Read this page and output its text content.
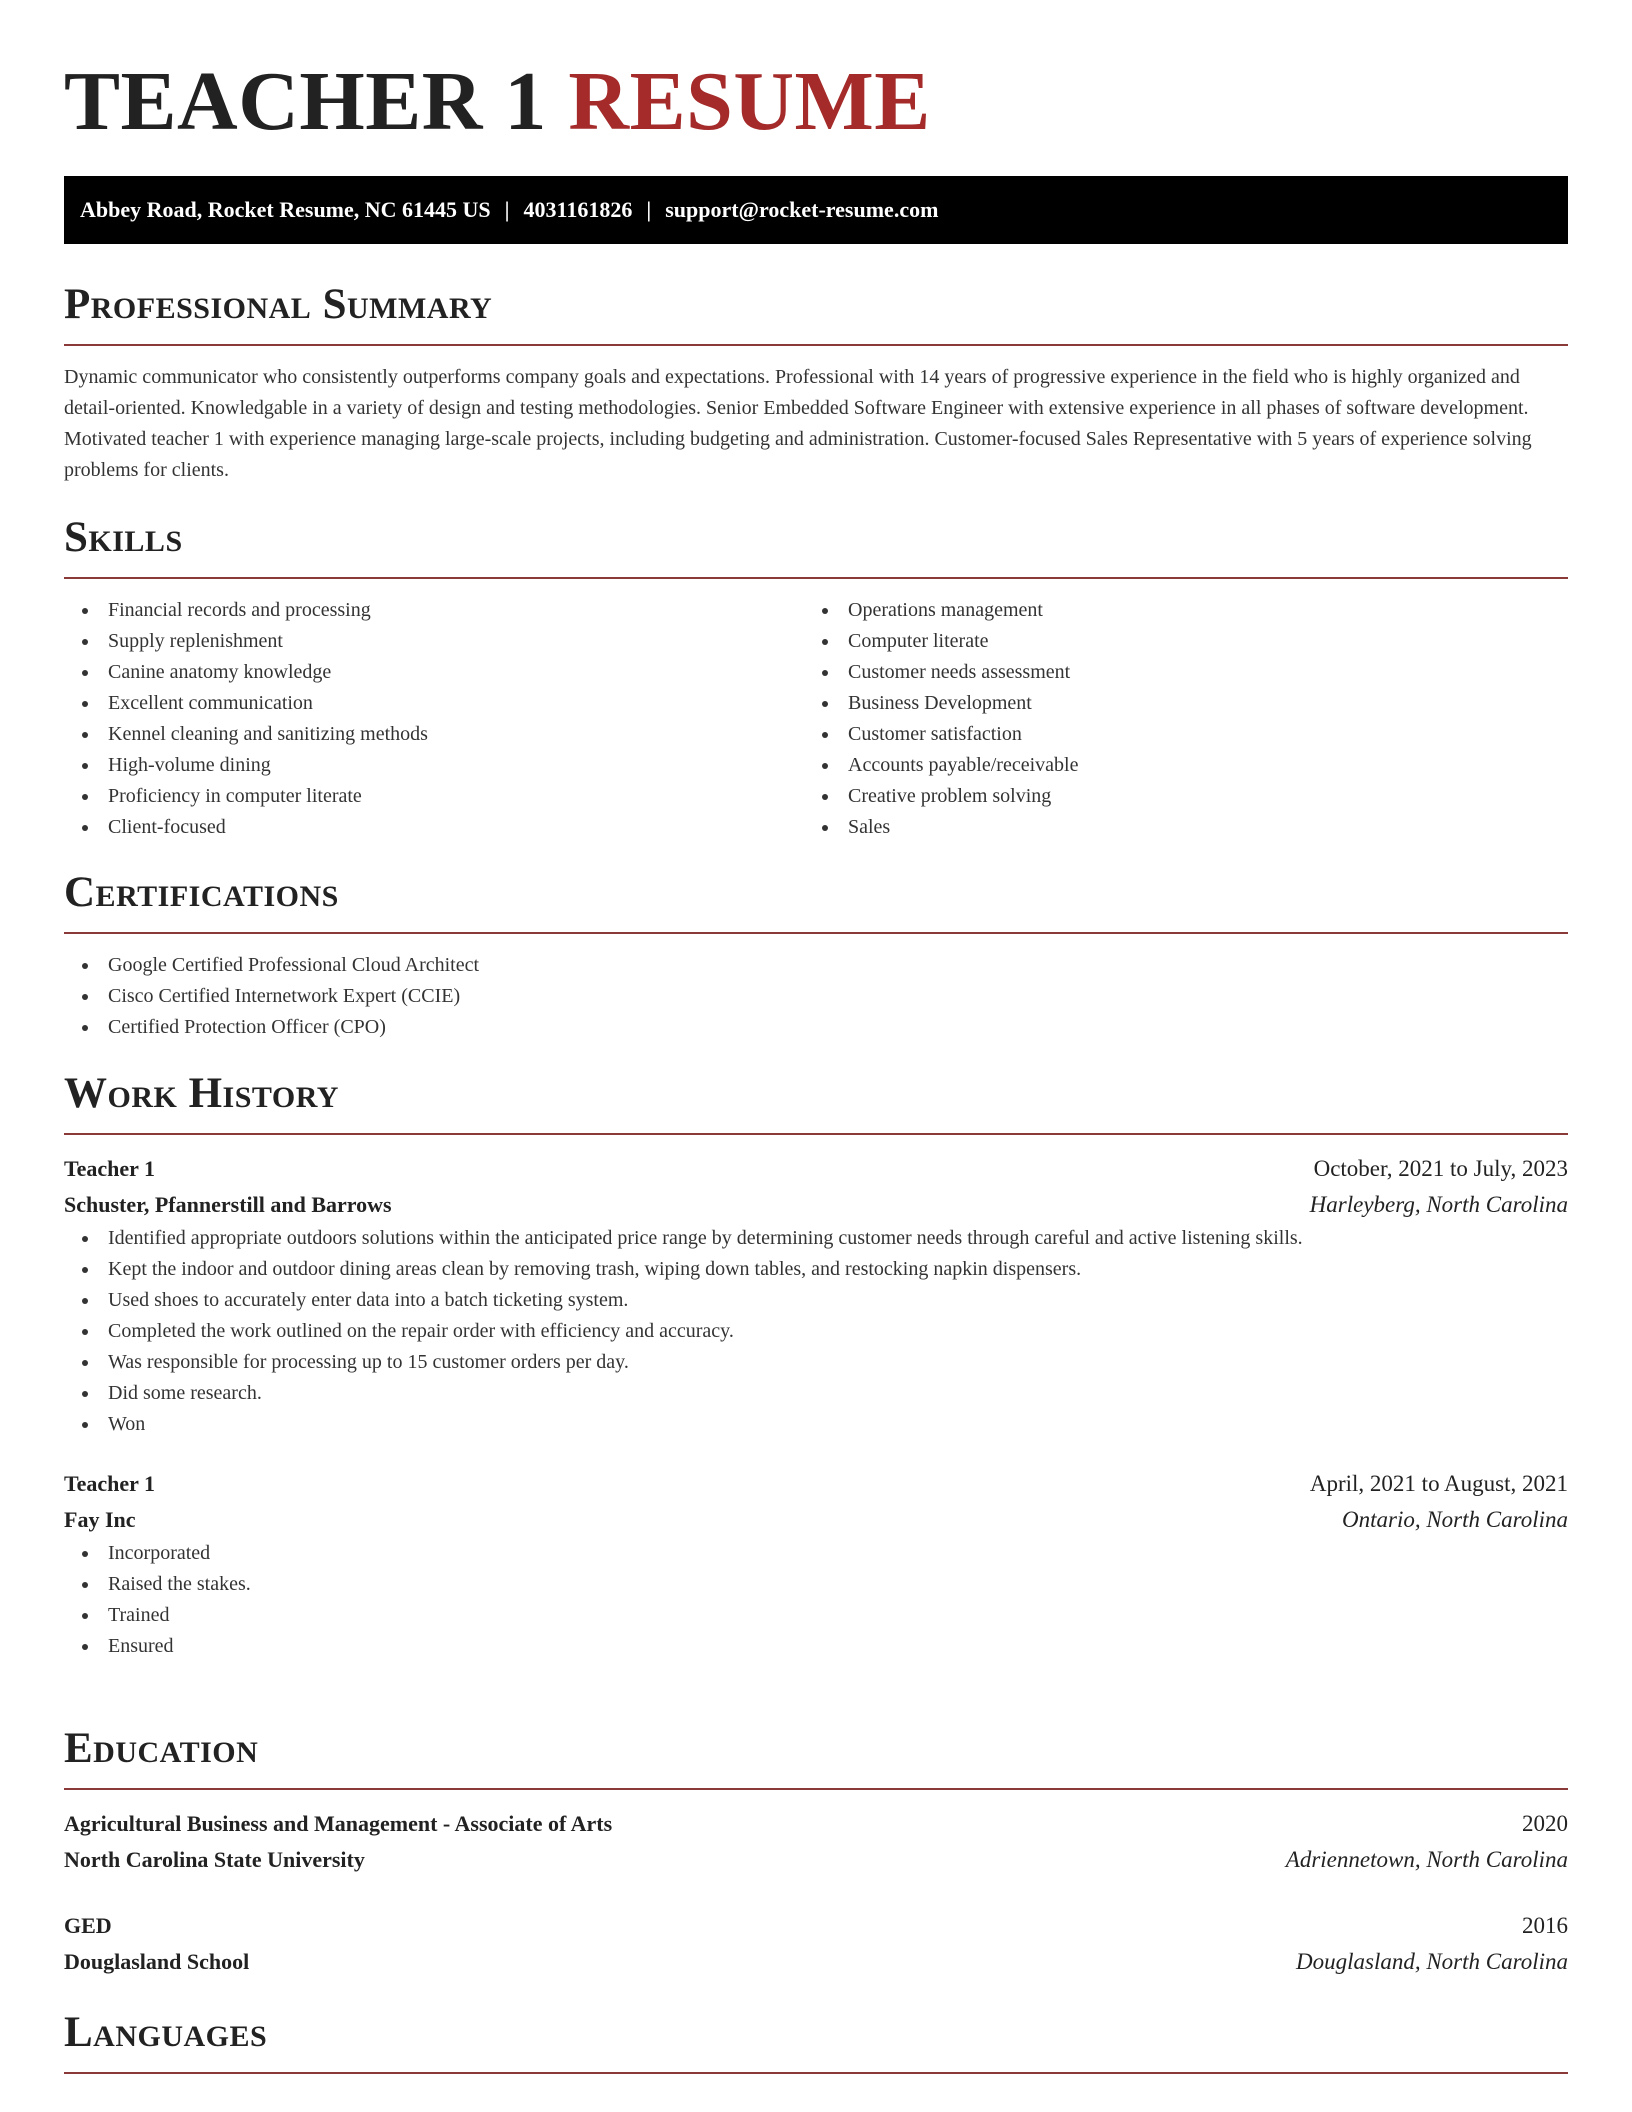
TEACHER 1 RESUME
Abbey Road, Rocket Resume, NC 61445 US | 4031161826 | support@rocket-resume.com
Professional Summary

Dynamic communicator who consistently outperforms company goals and expectations. Professional with 14 years of progressive experience in the field who is highly organized and detail-oriented. Knowledgable in a variety of design and testing methodologies. Senior Embedded Software Engineer with extensive experience in all phases of software development. Motivated teacher 1 with experience managing large-scale projects, including budgeting and administration. Customer-focused Sales Representative with 5 years of experience solving problems for clients.

Skills
Financial records and processing
Supply replenishment
Canine anatomy knowledge
Excellent communication
Kennel cleaning and sanitizing methods
High-volume dining
Proficiency in computer literate
Client-focused
Operations management
Computer literate
Customer needs assessment
Business Development
Customer satisfaction
Accounts payable/receivable
Creative problem solving
Sales
Certifications
Google Certified Professional Cloud Architect
Cisco Certified Internetwork Expert (CCIE)
Certified Protection Officer (CPO)
Work History
Teacher 1	October, 2021 to July, 2023
Schuster, Pfannerstill and Barrows	Harleyberg, North Carolina
Identified appropriate outdoors solutions within the anticipated price range by determining customer needs through careful and active listening skills.
Kept the indoor and outdoor dining areas clean by removing trash, wiping down tables, and restocking napkin dispensers.
Used shoes to accurately enter data into a batch ticketing system.
Completed the work outlined on the repair order with efficiency and accuracy.
Was responsible for processing up to 15 customer orders per day.
Did some research.
Won
Teacher 1	April, 2021 to August, 2021
Fay Inc	Ontario, North Carolina
Incorporated
Raised the stakes.
Trained
Ensured
Education
Agricultural Business and Management - Associate of Arts	2020
North Carolina State University	Adriennetown, North Carolina
GED	2016
Douglasland School	Douglasland, North Carolina
Languages
